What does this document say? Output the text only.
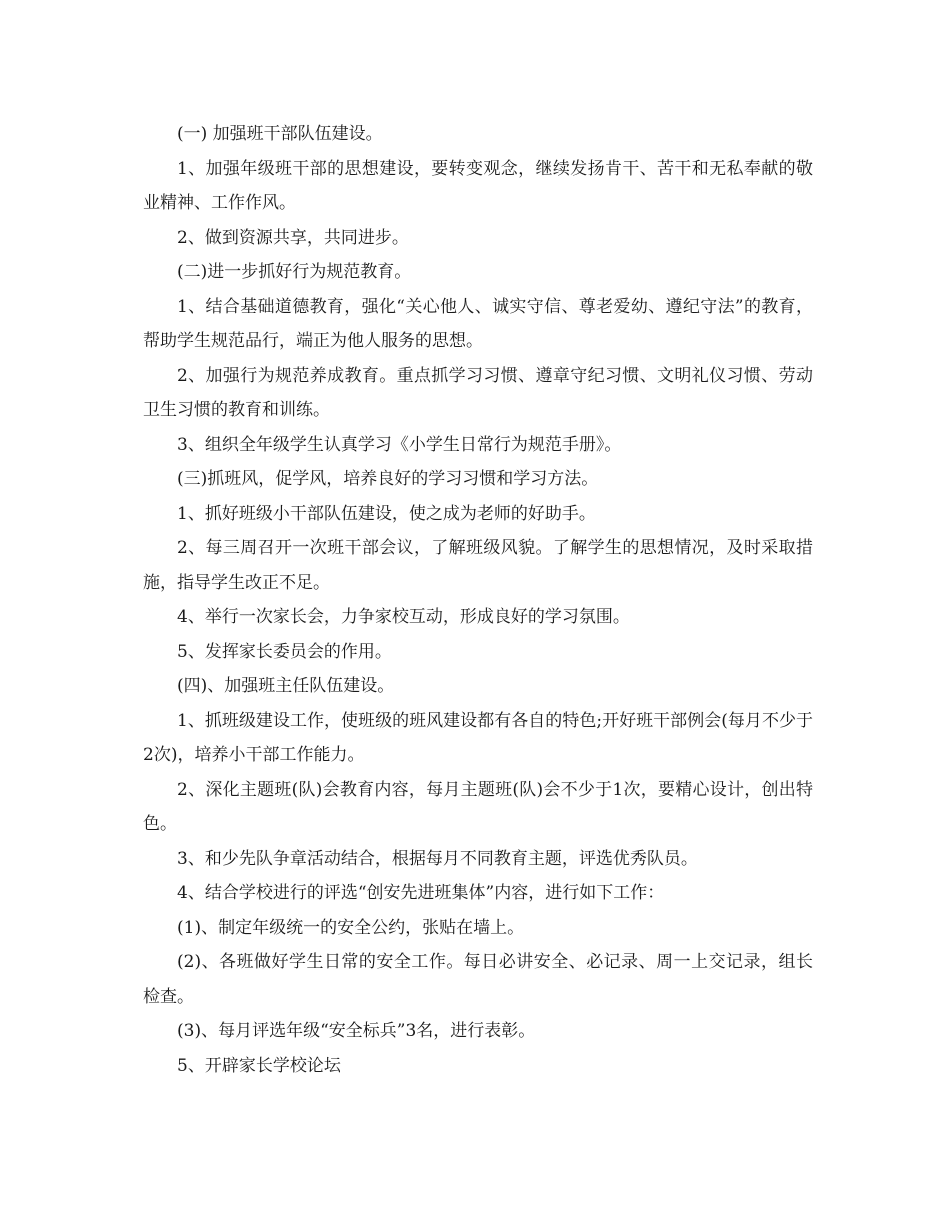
(一) 加强班干部队伍建设。

1、加强年级班干部的思想建设，要转变观念，继续发扬肯干、苦干和无私奉献的敬业精神、工作作风。

2、做到资源共享，共同进步。

(二)进一步抓好行为规范教育。

1、结合基础道德教育，强化“关心他人、诚实守信、尊老爱幼、遵纪守法”的教育，帮助学生规范品行，端正为他人服务的思想。

2、加强行为规范养成教育。重点抓学习习惯、遵章守纪习惯、文明礼仪习惯、劳动卫生习惯的教育和训练。

3、组织全年级学生认真学习《小学生日常行为规范手册》。

(三)抓班风，促学风，培养良好的学习习惯和学习方法。

1、抓好班级小干部队伍建设，使之成为老师的好助手。

2、每三周召开一次班干部会议，了解班级风貌。了解学生的思想情况，及时采取措施，指导学生改正不足。

4、举行一次家长会，力争家校互动，形成良好的学习氛围。

5、发挥家长委员会的作用。

(四)、加强班主任队伍建设。

1、抓班级建设工作，使班级的班风建设都有各自的特色;开好班干部例会(每月不少于2次)，培养小干部工作能力。

2、深化主题班(队)会教育内容，每月主题班(队)会不少于1次，要精心设计，创出特色。

3、和少先队争章活动结合，根据每月不同教育主题，评选优秀队员。

4、结合学校进行的评选“创安先进班集体”内容，进行如下工作：

(1)、制定年级统一的安全公约，张贴在墙上。

(2)、各班做好学生日常的安全工作。每日必讲安全、必记录、周一上交记录，组长检查。

(3)、每月评选年级“安全标兵”3名，进行表彰。

5、开辟家长学校论坛
